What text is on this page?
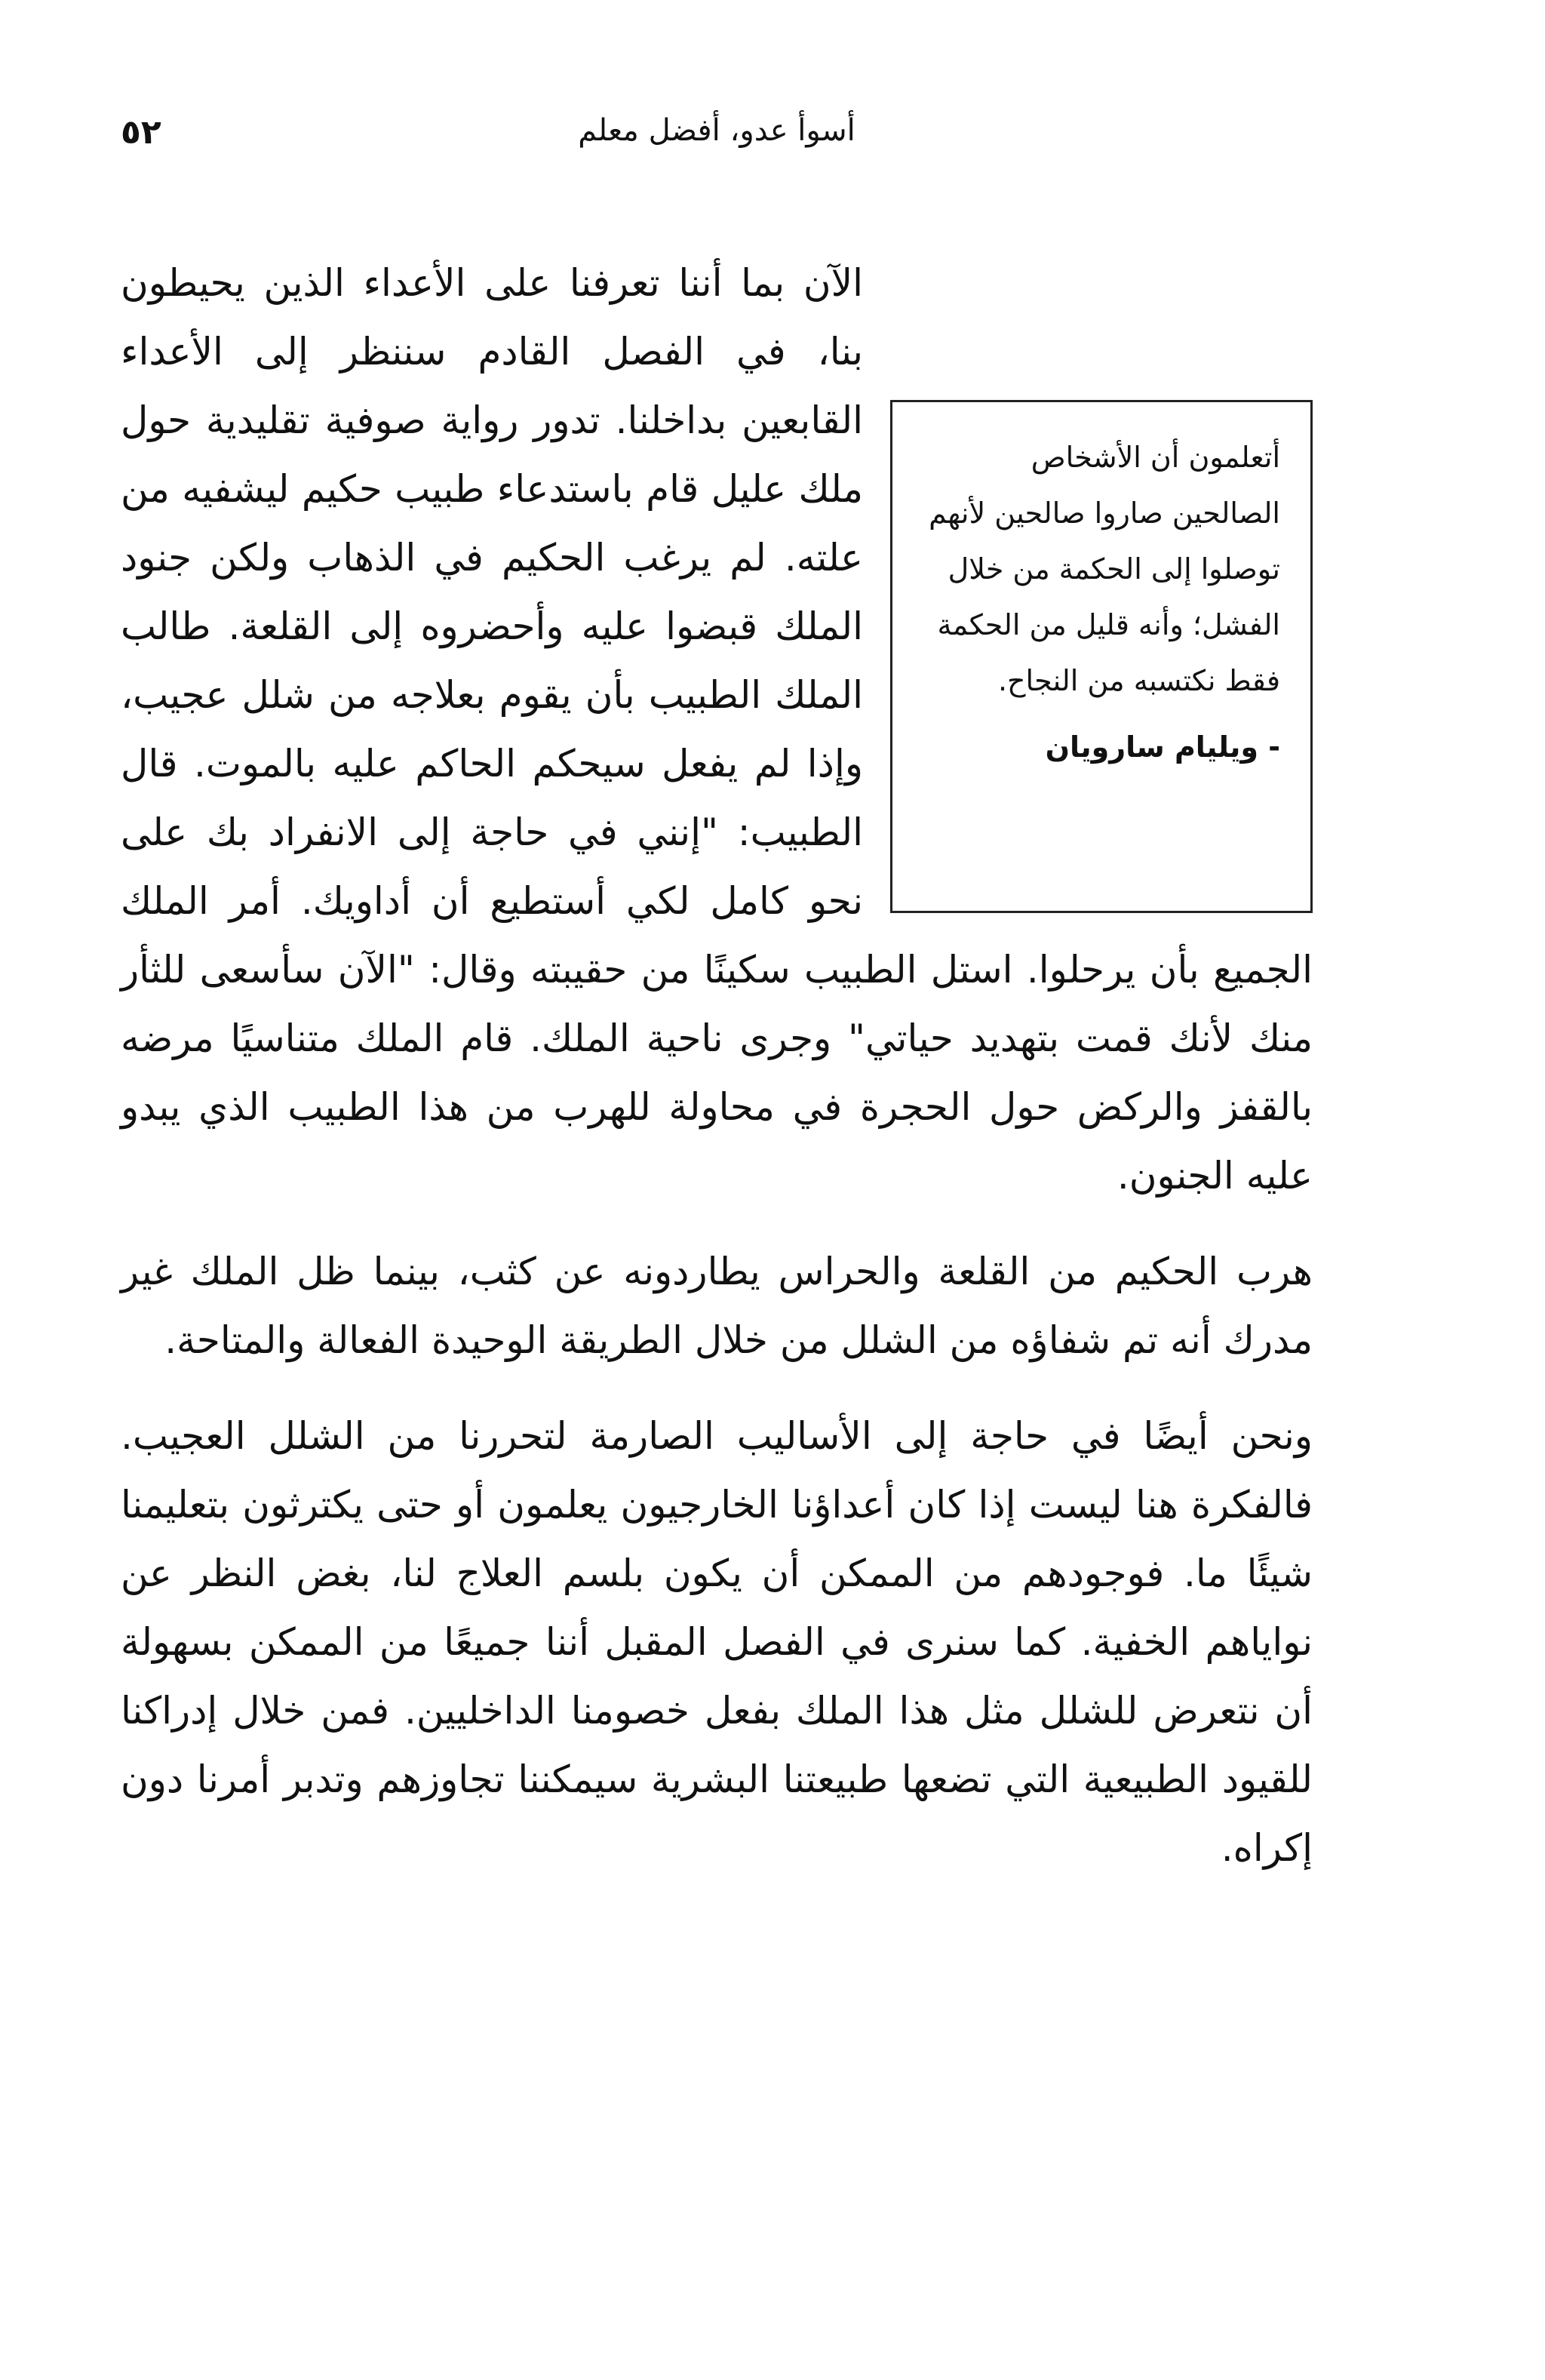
٥٢	أسوأ عدو، أفضل معلم
أتعلمون أن الأشخاص الصالحين صاروا صالحين لأنهم توصلوا إلى الحكمة من خلال الفشل؛ وأنه قليل من الحكمة فقط نكتسبه من النجاح.
- ويليام سارويان

الآن بما أننا تعرفنا على الأعداء الذين يحيطون بنا، في الفصل القادم سننظر إلى الأعداء القابعين بداخلنا. تدور رواية صوفية تقليدية حول ملك عليل قام باستدعاء طبيب حكيم ليشفيه من علته. لم يرغب الحكيم في الذهاب ولكن جنود الملك قبضوا عليه وأحضروه إلى القلعة. طالب الملك الطبيب بأن يقوم بعلاجه من شلل عجيب، وإذا لم يفعل سيحكم الحاكم عليه بالموت. قال الطبيب: "إنني في حاجة إلى الانفراد بك على نحو كامل لكي أستطيع أن أداويك. أمر الملك الجميع بأن يرحلوا. استل الطبيب سكينًا من حقيبته وقال: "الآن سأسعى للثأر منك لأنك قمت بتهديد حياتي" وجرى ناحية الملك. قام الملك متناسيًا مرضه بالقفز والركض حول الحجرة في محاولة للهرب من هذا الطبيب الذي يبدو عليه الجنون.

هرب الحكيم من القلعة والحراس يطاردونه عن كثب، بينما ظل الملك غير مدرك أنه تم شفاؤه من الشلل من خلال الطريقة الوحيدة الفعالة والمتاحة.

ونحن أيضًا في حاجة إلى الأساليب الصارمة لتحررنا من الشلل العجيب. فالفكرة هنا ليست إذا كان أعداؤنا الخارجيون يعلمون أو حتى يكترثون بتعليمنا شيئًا ما. فوجودهم من الممكن أن يكون بلسم العلاج لنا، بغض النظر عن نواياهم الخفية. كما سنرى في الفصل المقبل أننا جميعًا من الممكن بسهولة أن نتعرض للشلل مثل هذا الملك بفعل خصومنا الداخليين. فمن خلال إدراكنا للقيود الطبيعية التي تضعها طبيعتنا البشرية سيمكننا تجاوزهم وتدبر أمرنا دون إكراه.
